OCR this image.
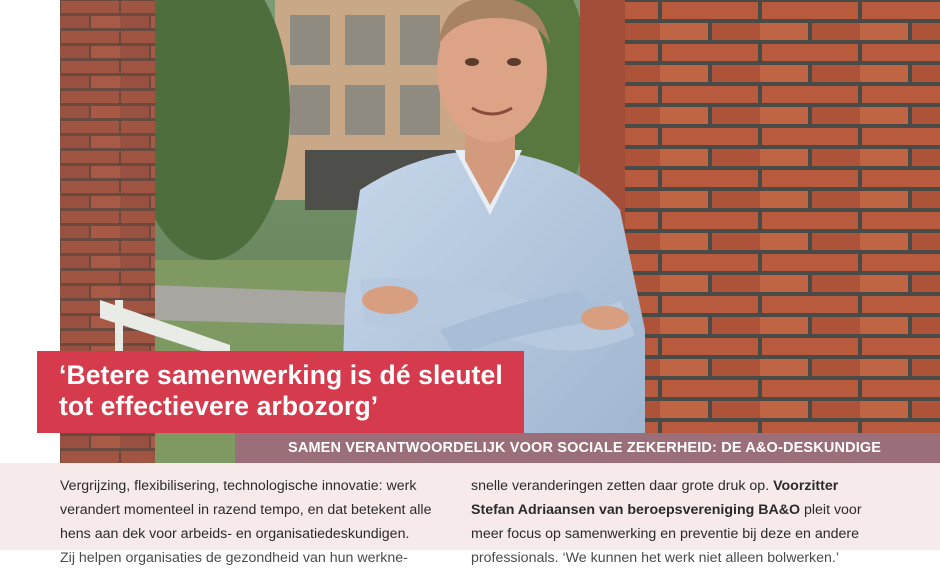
‘Betere samenwerking is dé sleutel
tot effectievere arbozorg’
SAMEN VERANTWOORDELIJK VOOR SOCIALE ZEKERHEID: DE A&O-DESKUNDIGE
Vergrijzing, flexibilisering, technologische innovatie: werk
verandert momenteel in razend tempo, en dat betekent alle
hens aan dek voor arbeids- en organisatiedeskundigen.
Zij helpen organisaties de gezondheid van hun werkne-
snelle veranderingen zetten daar grote druk op. Voorzitter
Stefan Adriaansen van beroepsvereniging BA&O pleit voor
meer focus op samenwerking en preventie bij deze en andere
professionals. ‘We kunnen het werk niet alleen bolwerken.’
